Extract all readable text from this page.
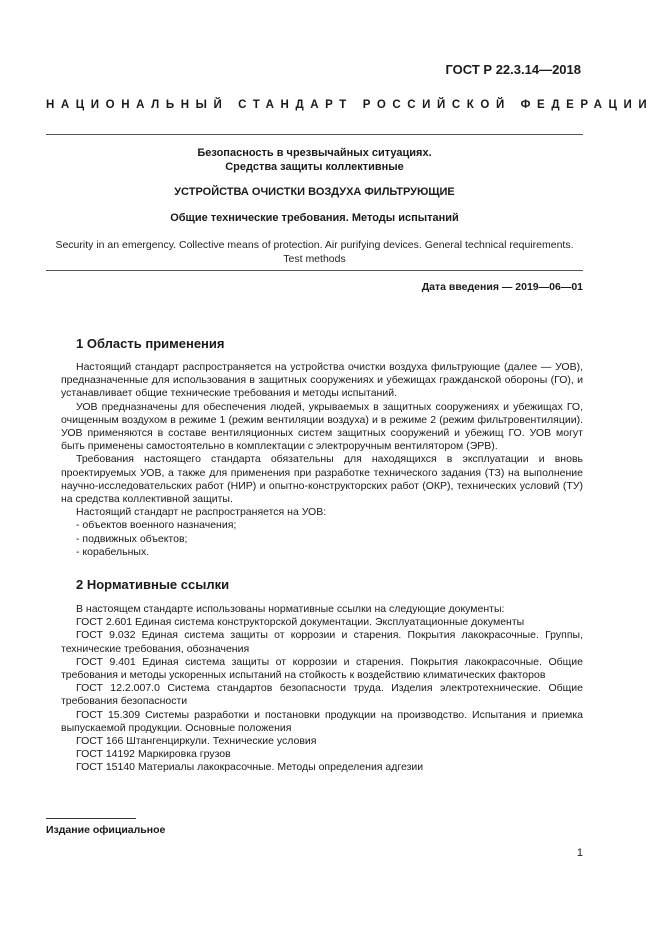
ГОСТ Р 22.3.14—2018
НАЦИОНАЛЬНЫЙ СТАНДАРТ РОССИЙСКОЙ ФЕДЕРАЦИИ
Безопасность в чрезвычайных ситуациях.
Средства защиты коллективные
УСТРОЙСТВА ОЧИСТКИ ВОЗДУХА ФИЛЬТРУЮЩИЕ
Общие технические требования. Методы испытаний
Security in an emergency. Collective means of protection. Air purifying devices. General technical requirements. Test methods
Дата введения — 2019—06—01
1 Область применения

Настоящий стандарт распространяется на устройства очистки воздуха фильтрующие (далее — УОВ), предназначенные для использования в защитных сооружениях и убежищах гражданской обороны (ГО), и устанавливает общие технические требования и методы испытаний.

УОВ предназначены для обеспечения людей, укрываемых в защитных сооружениях и убежищах ГО, очищенным воздухом в режиме 1 (режим вентиляции воздуха) и в режиме 2 (режим фильтровентиляции). УОВ применяются в составе вентиляционных систем защитных сооружений и убежищ ГО. УОВ могут быть применены самостоятельно в комплектации с электроручным вентилятором (ЭРВ).

Требования настоящего стандарта обязательны для находящихся в эксплуатации и вновь проектируемых УОВ, а также для применения при разработке технического задания (ТЗ) на выполнение научно-исследовательских работ (НИР) и опытно-конструкторских работ (ОКР), технических условий (ТУ) на средства коллективной защиты.

Настоящий стандарт не распространяется на УОВ:

- объектов военного назначения;

- подвижных объектов;

- корабельных.

2 Нормативные ссылки

В настоящем стандарте использованы нормативные ссылки на следующие документы:

ГОСТ 2.601 Единая система конструкторской документации. Эксплуатационные документы

ГОСТ 9.032 Единая система защиты от коррозии и старения. Покрытия лакокрасочные. Группы, технические требования, обозначения

ГОСТ 9.401 Единая система защиты от коррозии и старения. Покрытия лакокрасочные. Общие требования и методы ускоренных испытаний на стойкость к воздействию климатических факторов

ГОСТ 12.2.007.0 Система стандартов безопасности труда. Изделия электротехнические. Общие требования безопасности

ГОСТ 15.309 Системы разработки и постановки продукции на производство. Испытания и приемка выпускаемой продукции. Основные положения

ГОСТ 166 Штангенциркули. Технические условия

ГОСТ 14192 Маркировка грузов

ГОСТ 15140 Материалы лакокрасочные. Методы определения адгезии

Издание официальное
1
